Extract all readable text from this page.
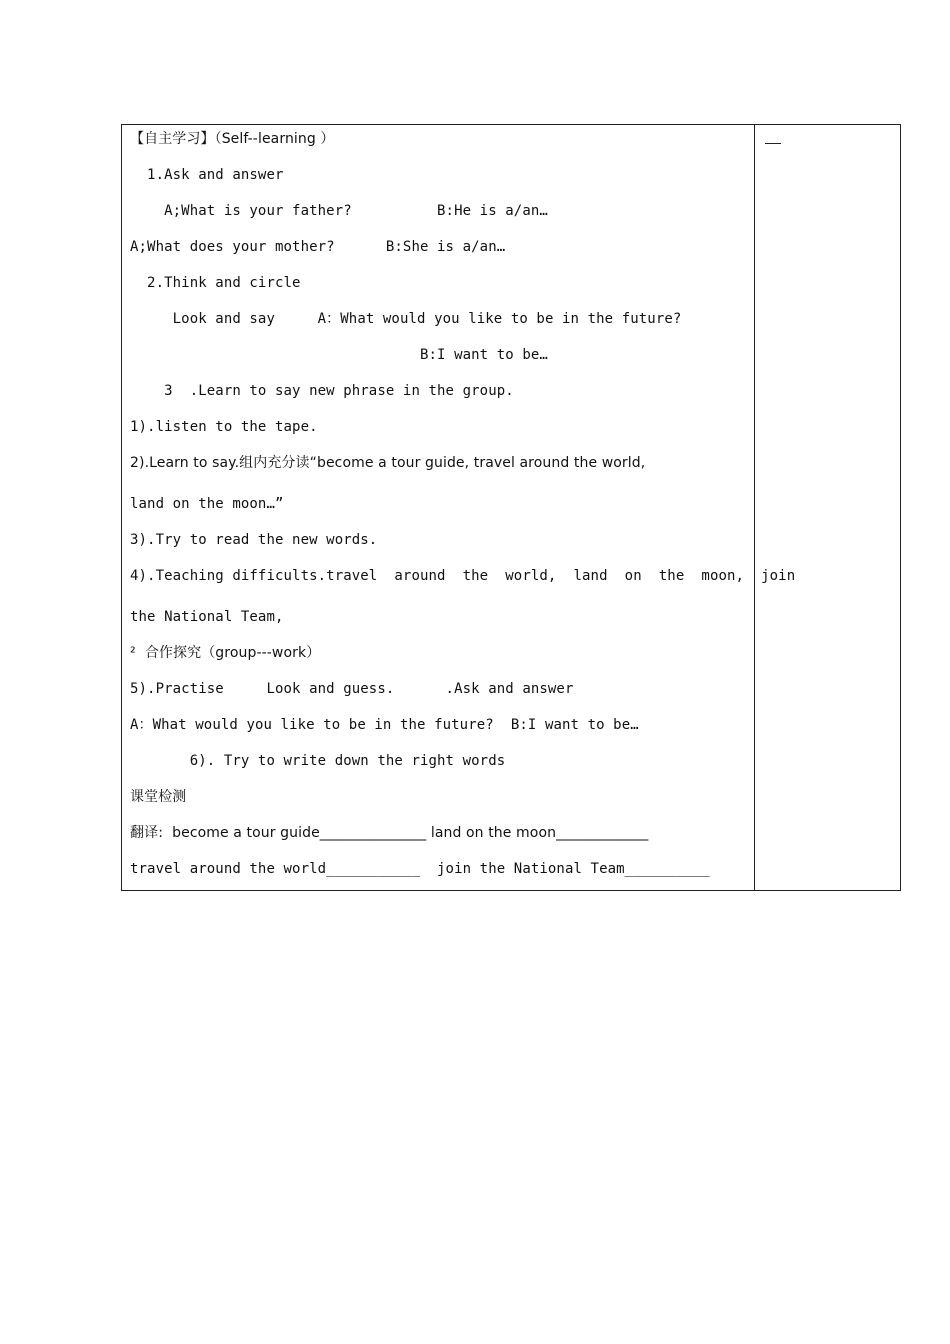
【自主学习】（Self--learning ）
1.Ask and answer
A;What is your father?          B:He is a/an…
A;What does your mother?      B:She is a/an…
2.Think and circle
Look and say     A：What would you like to be in the future?
B:I want to be…
3  .Learn to say new phrase in the group.
1).listen to the tape.
2).Learn to say.组内充分读“become a tour guide, travel around the world,
land on the moon…”
3).Try to read the new words.
4).Teaching difficults.travel  around  the  world,  land  on  the  moon,  join
the National Team,
²  合作探究（group---work）
5).Practise     Look and guess.      .Ask and answer
A：What would you like to be in the future?  B:I want to be…
6). Try to write down the right words
课堂检测
翻译:  become a tour guide_______________ land on the moon_____________
travel around the world___________  join the National Team__________
